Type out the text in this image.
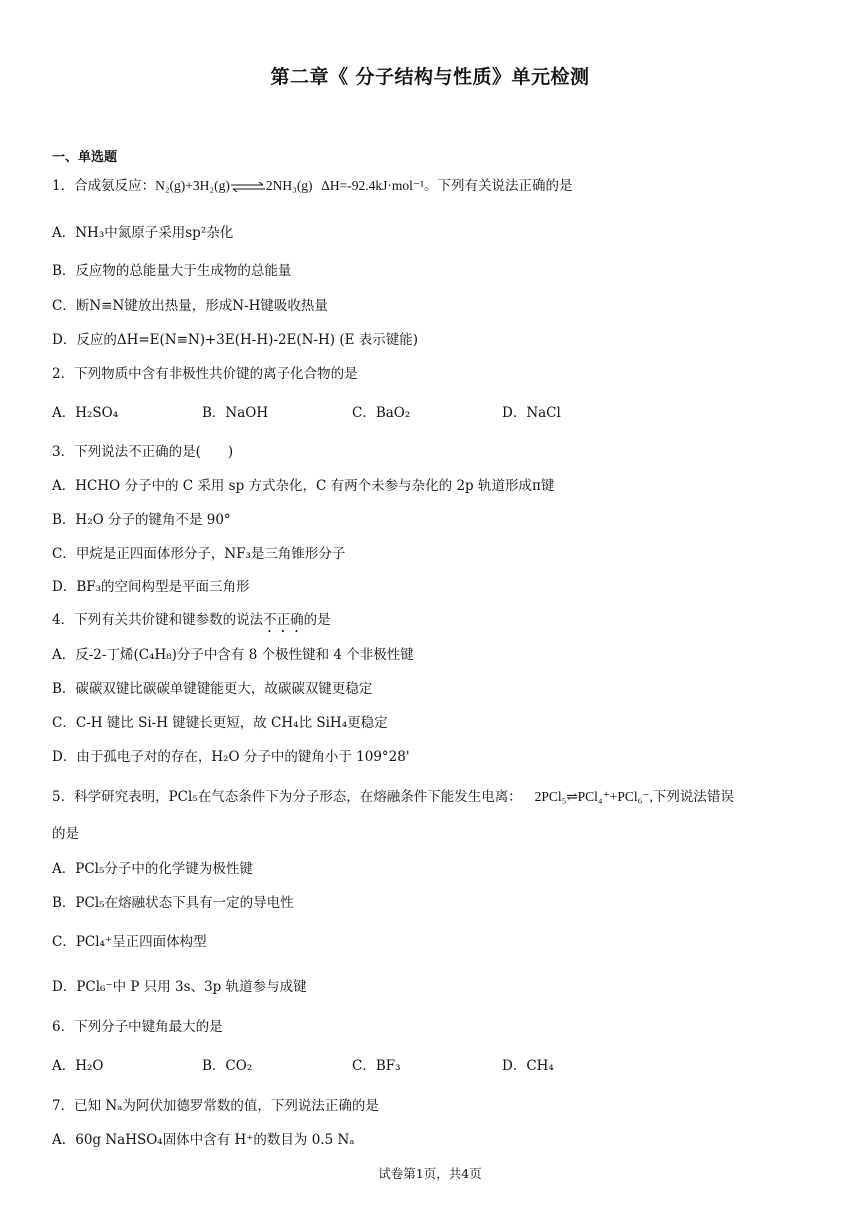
第二章《 分子结构与性质》单元检测
一、单选题
1．合成氨反应：N₂(g)+3H₂(g)⇌2NH₃(g) ΔH=-92.4kJ·mol⁻¹。下列有关说法正确的是
A．NH₃中氮原子采用sp²杂化
B．反应物的总能量大于生成物的总能量
C．断N≡N键放出热量，形成N-H键吸收热量
D．反应的ΔH=E(N≡N)+3E(H-H)-2E(N-H) (E 表示键能)
2．下列物质中含有非极性共价键的离子化合物的是
A．H₂SO₄	B．NaOH	C．BaO₂	D．NaCl
3．下列说法不正确的是(　　)
A．HCHO 分子中的 C 采用 sp 方式杂化，C 有两个未参与杂化的 2p 轨道形成π键
B．H₂O 分子的键角不是 90°
C．甲烷是正四面体形分子，NF₃是三角锥形分子
D．BF₃的空间构型是平面三角形
4．下列有关共价键和键参数的说法不正确的是
A．反-2-丁烯(C₄H₈)分子中含有 8 个极性键和 4 个非极性键
B．碳碳双键比碳碳单键键能更大，故碳碳双键更稳定
C．C-H 键比 Si-H 键键长更短，故 CH₄比 SiH₄更稳定
D．由于孤电子对的存在，H₂O 分子中的键角小于 109°28'
5．科学研究表明，PCl₅在气态条件下为分子形态，在熔融条件下能发生电离： 2PCl₅⇌PCl₄⁺+PCl₆⁻,下列说法错误
的是
A．PCl₅分子中的化学键为极性键
B．PCl₅在熔融状态下具有一定的导电性
C．PCl₄⁺呈正四面体构型
D．PCl₆⁻中 P 只用 3s、3p 轨道参与成键
6．下列分子中键角最大的是
A．H₂O	B．CO₂	C．BF₃	D．CH₄
7．已知 Nₐ为阿伏加德罗常数的值，下列说法正确的是
A．60g NaHSO₄固体中含有 H⁺的数目为 0.5 Nₐ
试卷第1页，共4页
